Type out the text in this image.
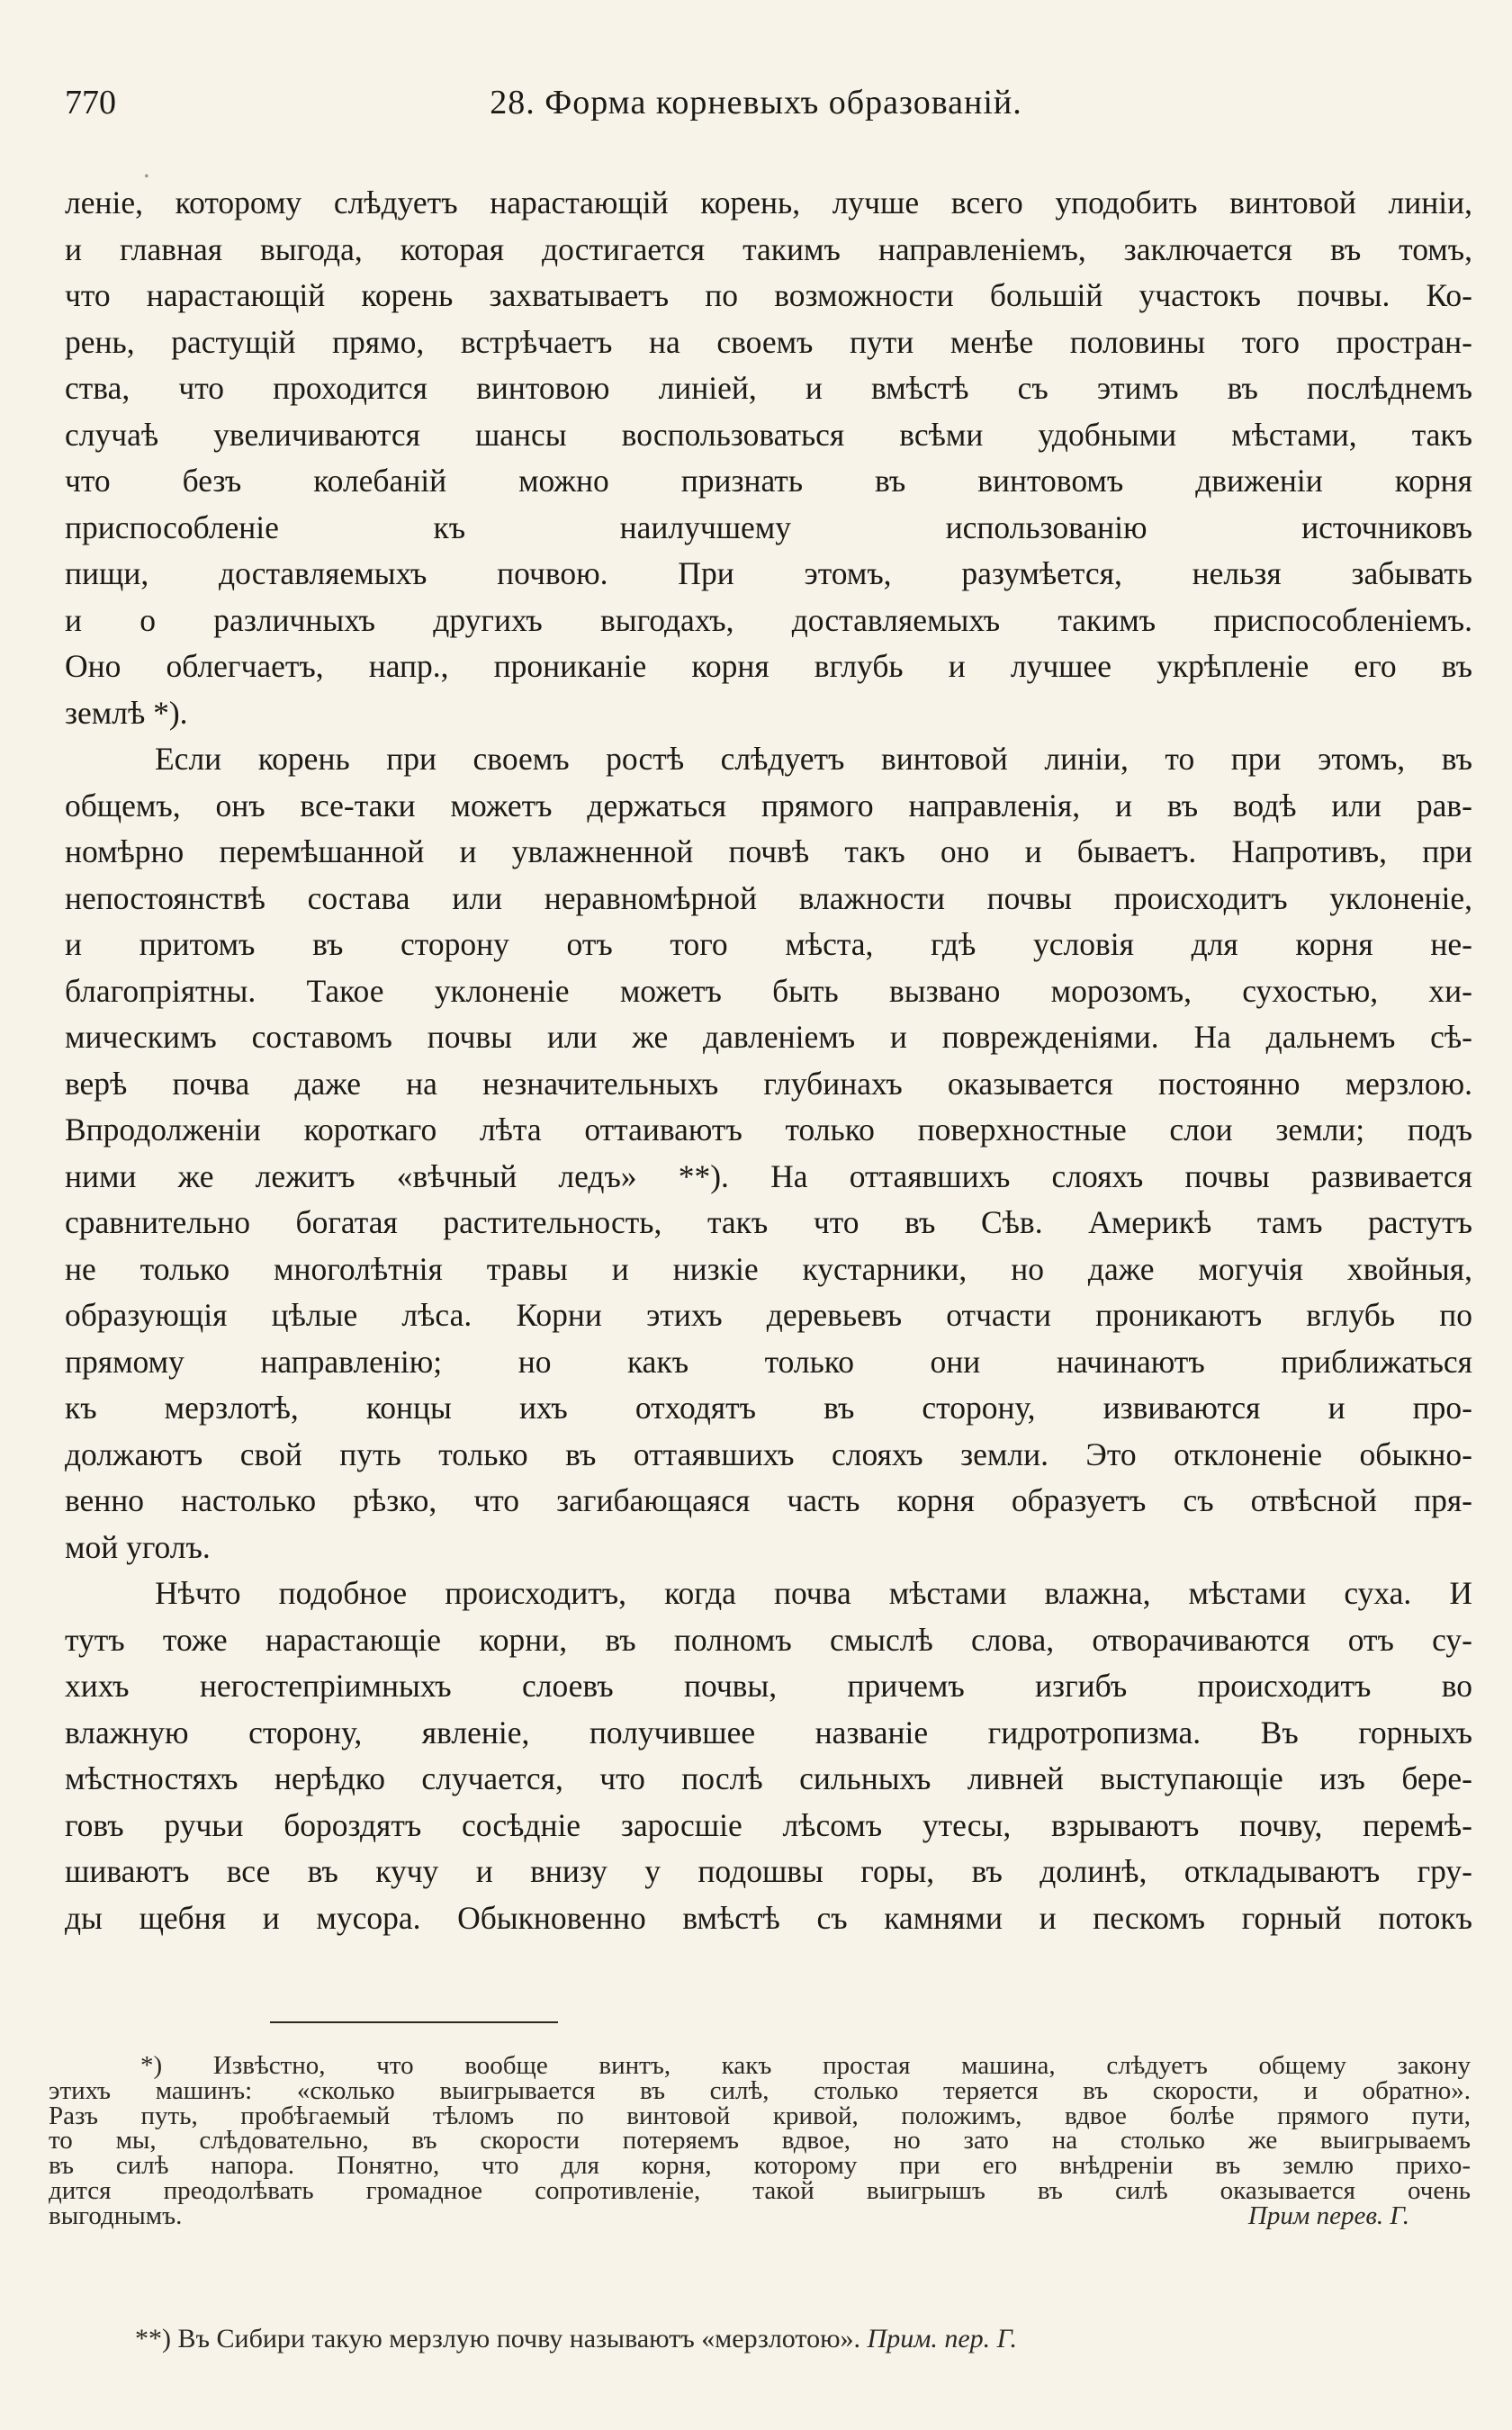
770	28. Форма корневыхъ образованій.
•
леніе, которому слѣдуетъ нарастающій корень, лучше всего уподобить винтовой линіи,
и главная выгода, которая достигается такимъ направленіемъ, заключается въ томъ,
что нарастающій корень захватываетъ по возможности большій участокъ почвы. Ко-
рень, растущій прямо, встрѣчаетъ на своемъ пути менѣе половины того простран-
ства, что проходится винтовою линіей, и вмѣстѣ съ этимъ въ послѣднемъ
случаѣ увеличиваются шансы воспользоваться всѣми удобными мѣстами, такъ
что безъ колебаній можно признать въ винтовомъ движеніи корня
приспособленіе къ наилучшему использованію источниковъ
пищи, доставляемыхъ почвою. При этомъ, разумѣется, нельзя забывать
и о различныхъ другихъ выгодахъ, доставляемыхъ такимъ приспособленіемъ.
Оно облегчаетъ, напр., прониканіе корня вглубь и лучшее укрѣпленіе его въ
землѣ *).
Если корень при своемъ ростѣ слѣдуетъ винтовой линіи, то при этомъ, въ
общемъ, онъ все-таки можетъ держаться прямого направленія, и въ водѣ или рав-
номѣрно перемѣшанной и увлажненной почвѣ такъ оно и бываетъ. Напротивъ, при
непостоянствѣ состава или неравномѣрной влажности почвы происходитъ уклоненіе,
и притомъ въ сторону отъ того мѣста, гдѣ условія для корня не-
благопріятны. Такое уклоненіе можетъ быть вызвано морозомъ, сухостью, хи-
мическимъ составомъ почвы или же давленіемъ и поврежденіями. На дальнемъ сѣ-
верѣ почва даже на незначительныхъ глубинахъ оказывается постоянно мерзлою.
Впродолженіи короткаго лѣта оттаиваютъ только поверхностные слои земли; подъ
ними же лежитъ «вѣчный ледъ» **). На оттаявшихъ слояхъ почвы развивается
сравнительно богатая растительность, такъ что въ Сѣв. Америкѣ тамъ растутъ
не только многолѣтнія травы и низкіе кустарники, но даже могучія хвойныя,
образующія цѣлые лѣса. Корни этихъ деревьевъ отчасти проникаютъ вглубь по
прямому направленію; но какъ только они начинаютъ приближаться
къ мерзлотѣ, концы ихъ отходятъ въ сторону, извиваются и про-
должаютъ свой путь только въ оттаявшихъ слояхъ земли. Это отклоненіе обыкно-
венно настолько рѣзко, что загибающаяся часть корня образуетъ съ отвѣсной пря-
мой уголъ.
Нѣчто подобное происходитъ, когда почва мѣстами влажна, мѣстами суха. И
тутъ тоже нарастающіе корни, въ полномъ смыслѣ слова, отворачиваются отъ су-
хихъ негостепріимныхъ слоевъ почвы, причемъ изгибъ происходитъ во
влажную сторону, явленіе, получившее названіе гидротропизма. Въ горныхъ
мѣстностяхъ нерѣдко случается, что послѣ сильныхъ ливней выступающіе изъ бере-
говъ ручьи бороздятъ сосѣдніе заросшіе лѣсомъ утесы, взрываютъ почву, перемѣ-
шиваютъ все въ кучу и внизу у подошвы горы, въ долинѣ, откладываютъ гру-
ды щебня и мусора. Обыкновенно вмѣстѣ съ камнями и пескомъ горный потокъ
*) Извѣстно, что вообще винтъ, какъ простая машина, слѣдуетъ общему закону
этихъ машинъ: «сколько выигрывается въ силѣ, столько теряется въ скорости, и обратно».
Разъ путь, пробѣгаемый тѣломъ по винтовой кривой, положимъ, вдвое болѣе прямого пути,
то мы, слѣдовательно, въ скорости потеряемъ вдвое, но зато на столько же выигрываемъ
въ силѣ напора. Понятно, что для корня, которому при его внѣдреніи въ землю прихо-
дится преодолѣвать громадное сопротивленіе, такой выигрышъ въ силѣ оказывается очень
выгоднымъ.	Прим перев. Г.
**) Въ Сибири такую мерзлую почву называютъ «мерзлотою». Прим. пер. Г.
